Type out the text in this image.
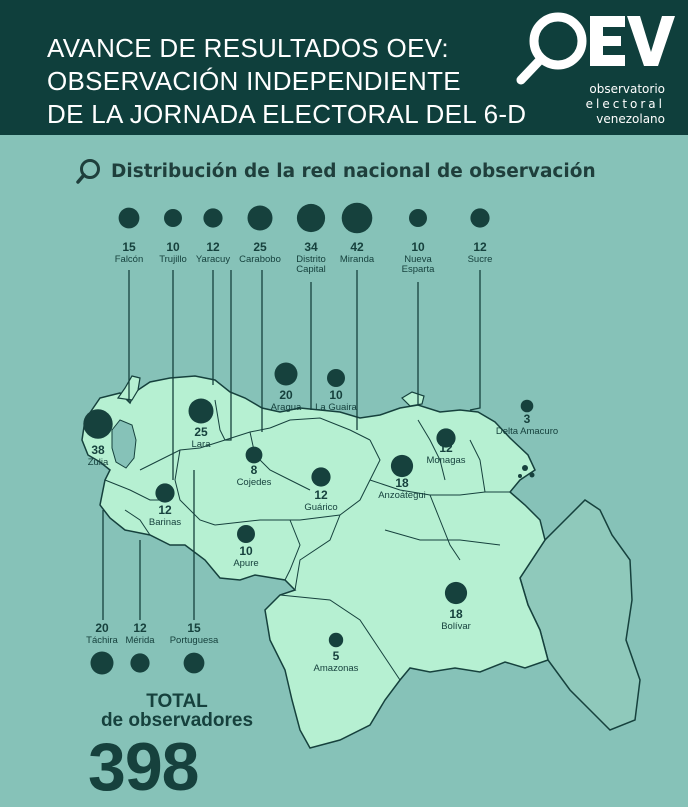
AVANCE DE RESULTADOS OEV:
OBSERVACIÓN INDEPENDIENTE
DE LA JORNADA ELECTORAL DEL 6-D
observatorio
electoral
venezolano
Distribución de la red nacional de observación
15
Falcón
10
Trujillo
12
Yaracuy
25
Carabobo
34
Distrito Capital
42
Miranda
10
Nueva Esparta
12
Sucre
20
Aragua
10
La Guaira
3
Delta Amacuro
38
Zulia
25
Lara	12
Monagas
8
Cojedes	18
Anzoátegui
12
Guárico
12
Barinas
10
Apure
18
Bolívar
5
Amazonas
20
Táchira
12
Mérida
15
Portuguesa
TOTAL
de observadores
398
